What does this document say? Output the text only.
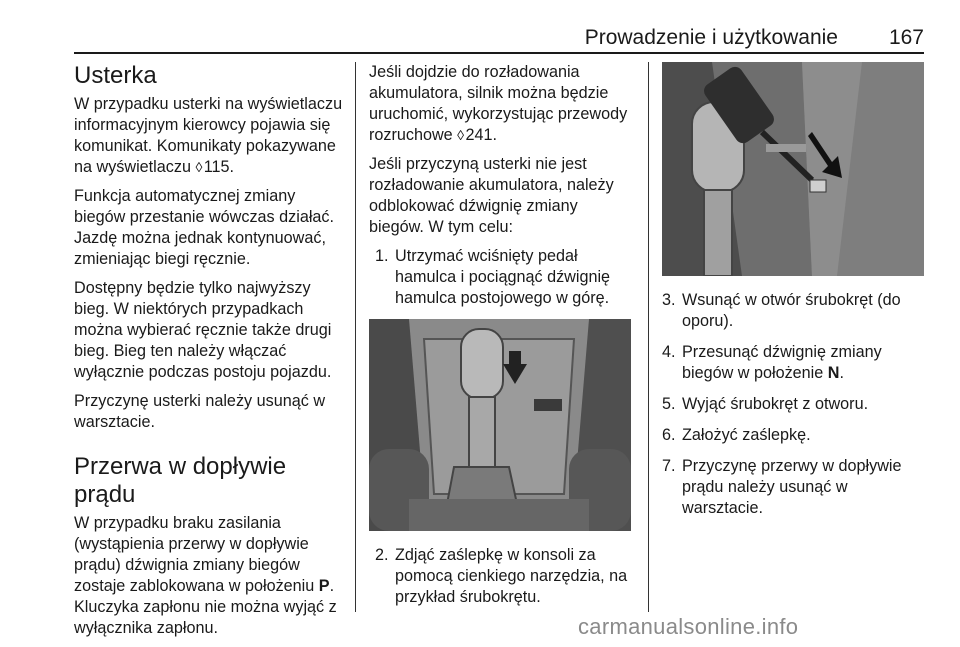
Prowadzenie i użytkowanie 167
Usterka

W przypadku usterki na wyświetlaczu informacyjnym kierowcy pojawia się komunikat. Komunikaty pokazywane na wyświetlaczu ◊ 115.

Funkcja automatycznej zmiany biegów przestanie wówczas działać. Jazdę można jednak kontynuować, zmieniając biegi ręcznie.

Dostępny będzie tylko najwyższy bieg. W niektórych przypadkach można wybierać ręcznie także drugi bieg. Bieg ten należy włączać wyłącznie podczas postoju pojazdu.

Przyczynę usterki należy usunąć w warsztacie.

Przerwa w dopływie prądu

W przypadku braku zasilania (wystąpienia przerwy w dopływie prądu) dźwignia zmiany biegów zostaje zablokowana w położeniu P. Kluczyka zapłonu nie można wyjąć z wyłącznika zapłonu.

Jeśli dojdzie do rozładowania akumulatora, silnik można będzie uruchomić, wykorzystując przewody rozruchowe ◊ 241.

Jeśli przyczyną usterki nie jest rozładowanie akumulatora, należy odblokować dźwignię zmiany biegów. W tym celu:

1. Utrzymać wciśnięty pedał hamulca i pociągnąć dźwignię hamulca postojowego w górę.
2. Zdjąć zaślepkę w konsoli za pomocą cienkiego narzędzia, na przykład śrubokrętu.
3. Wsunąć w otwór śrubokręt (do oporu).
4. Przesunąć dźwignię zmiany biegów w położenie N.
5. Wyjąć śrubokręt z otworu.
6. Założyć zaślepkę.
7. Przyczynę przerwy w dopływie prądu należy usunąć w warsztacie.
carmanualsonline.info
